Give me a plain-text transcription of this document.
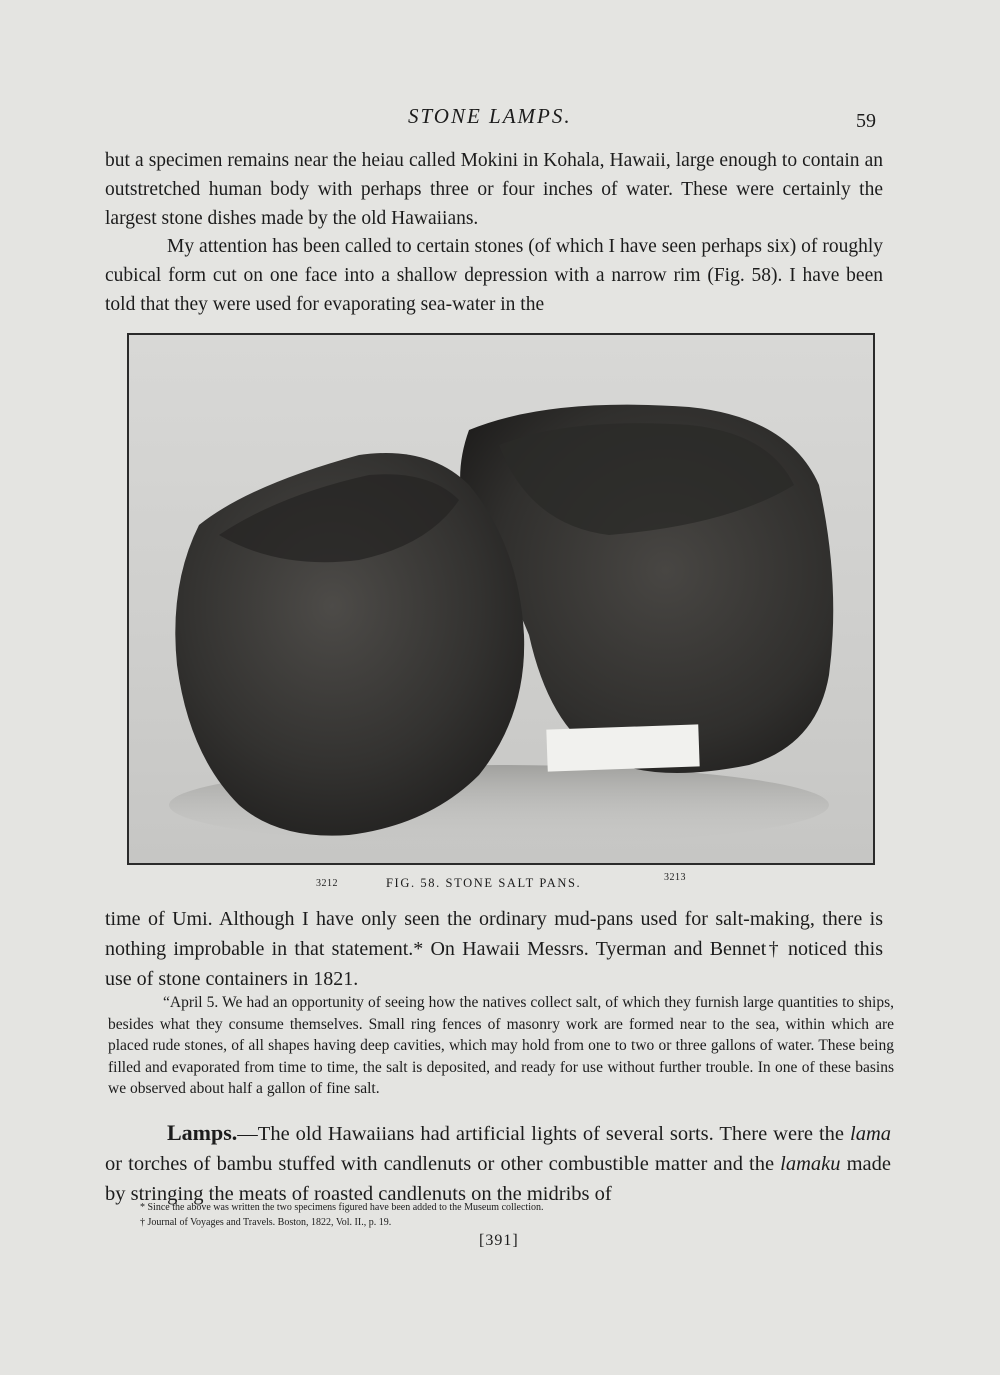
STONE LAMPS.	59

but a specimen remains near the heiau called Mokini in Kohala, Hawaii, large enough to contain an outstretched human body with perhaps three or four inches of water. These were certainly the largest stone dishes made by the old Hawaiians.

My attention has been called to certain stones (of which I have seen perhaps six) of roughly cubical form cut on one face into a shallow depression with a narrow rim (Fig. 58). I have been told that they were used for evaporating sea-water in the

3212	FIG. 58. STONE SALT PANS.	3213

time of Umi. Although I have only seen the ordinary mud-pans used for salt-making, there is nothing improbable in that statement.* On Hawaii Messrs. Tyerman and Bennet† noticed this use of stone containers in 1821.

“April 5. We had an opportunity of seeing how the natives collect salt, of which they furnish large quantities to ships, besides what they consume themselves. Small ring fences of masonry work are formed near to the sea, within which are placed rude stones, of all shapes having deep cavities, which may hold from one to two or three gallons of water. These being filled and evaporated from time to time, the salt is deposited, and ready for use without further trouble. In one of these basins we observed about half a gallon of fine salt.

Lamps.—The old Hawaiians had artificial lights of several sorts. There were the lama or torches of bambu stuffed with candlenuts or other combustible matter and the lamaku made by stringing the meats of roasted candlenuts on the midribs of

* Since the above was written the two specimens figured have been added to the Museum collection.

† Journal of Voyages and Travels. Boston, 1822, Vol. II., p. 19.

[391]
